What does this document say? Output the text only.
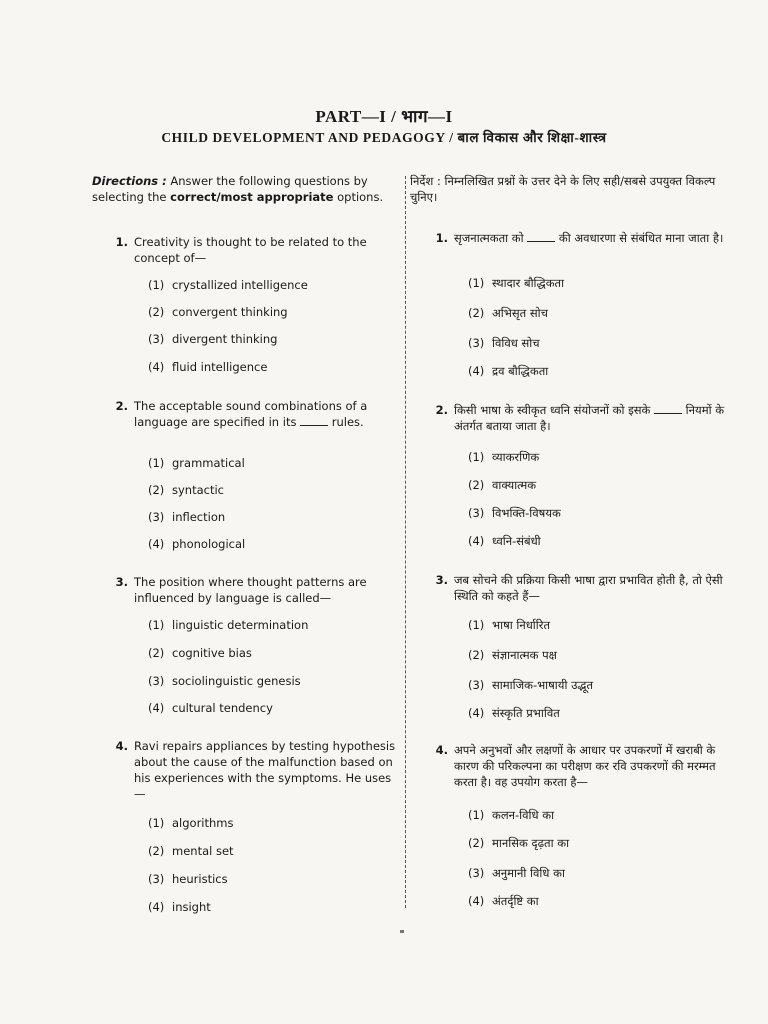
PART—I / भाग—I
CHILD DEVELOPMENT AND PEDAGOGY / बाल विकास और शिक्षा-शास्त्र
Directions : Answer the following questions by selecting the correct/most appropriate options.
निर्देश : निम्नलिखित प्रश्नों के उत्तर देने के लिए सही/सबसे उपयुक्त विकल्प चुनिए।
1. Creativity is thought to be related to the concept of—
(1) crystallized intelligence
(2) convergent thinking
(3) divergent thinking
(4) fluid intelligence
2. The acceptable sound combinations of a language are specified in its  rules.
(1) grammatical
(2) syntactic
(3) inflection
(4) phonological
3. The position where thought patterns are influenced by language is called—
(1) linguistic determination
(2) cognitive bias
(3) sociolinguistic genesis
(4) cultural tendency
4. Ravi repairs appliances by testing hypothesis about the cause of the malfunction based on his experiences with the symptoms. He uses—
(1) algorithms
(2) mental set
(3) heuristics
(4) insight
1. सृजनात्मकता को  की अवधारणा से संबंधित माना जाता है।
(1) स्थादार बौद्धिकता
(2) अभिसृत सोच
(3) विविध सोच
(4) द्रव बौद्धिकता
2. किसी भाषा के स्वीकृत ध्वनि संयोजनों को इसके  नियमों के अंतर्गत बताया जाता है।
(1) व्याकरणिक
(2) वाक्यात्मक
(3) विभक्ति-विषयक
(4) ध्वनि-संबंधी
3. जब सोचने की प्रक्रिया किसी भाषा द्वारा प्रभावित होती है, तो ऐसी स्थिति को कहते हैं—
(1) भाषा निर्धारित
(2) संज्ञानात्मक पक्ष
(3) सामाजिक-भाषायी उद्भूत
(4) संस्कृति प्रभावित
4. अपने अनुभवों और लक्षणों के आधार पर उपकरणों में खराबी के कारण की परिकल्पना का परीक्षण कर रवि उपकरणों की मरम्मत करता है। वह उपयोग करता है—
(1) कलन-विधि का
(2) मानसिक दृढ़ता का
(3) अनुमानी विधि का
(4) अंतर्दृष्टि का
